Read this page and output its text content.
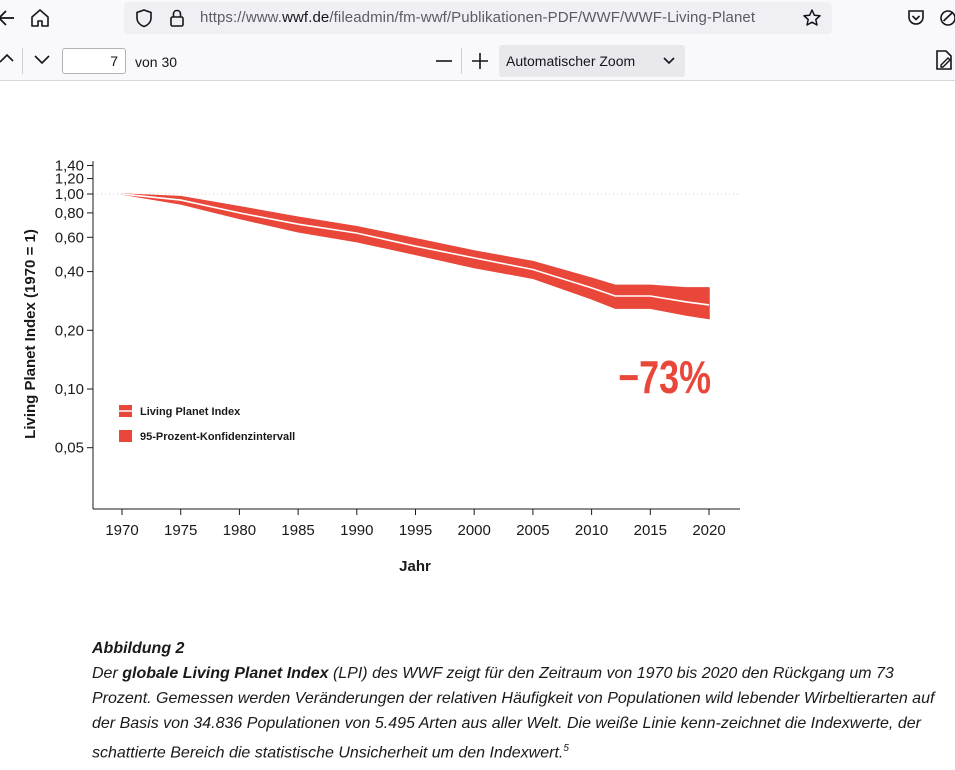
https://www.wwf.de/fileadmin/fm-wwf/Publikationen-PDF/WWF/WWF-Living-Planet
7	von 30	Automatischer Zoom
1,40
1,20
1,00
0,80
0,60
0,40
0,20
0,10
0,05
1970 1975 1980 1985 1990 1995 2000 2005 2010 2015 2020
Jahr
Living Planet Index (1970 = 1)	−73%
Living Planet Index
95-Prozent-Konfidenzintervall
Abbildung 2
Der globale Living Planet Index (LPI) des WWF zeigt für den Zeitraum von 1970 bis 2020 den Rückgang um 73 Prozent. Gemessen werden Veränderungen der relativen Häufigkeit von Populationen wild lebender Wirbeltierarten auf der Basis von 34.836 Populationen von 5.495 Arten aus aller Welt. Die weiße Linie kenn-zeichnet die Indexwerte, der schattierte Bereich die statistische Unsicherheit um den Indexwert.$^5$
